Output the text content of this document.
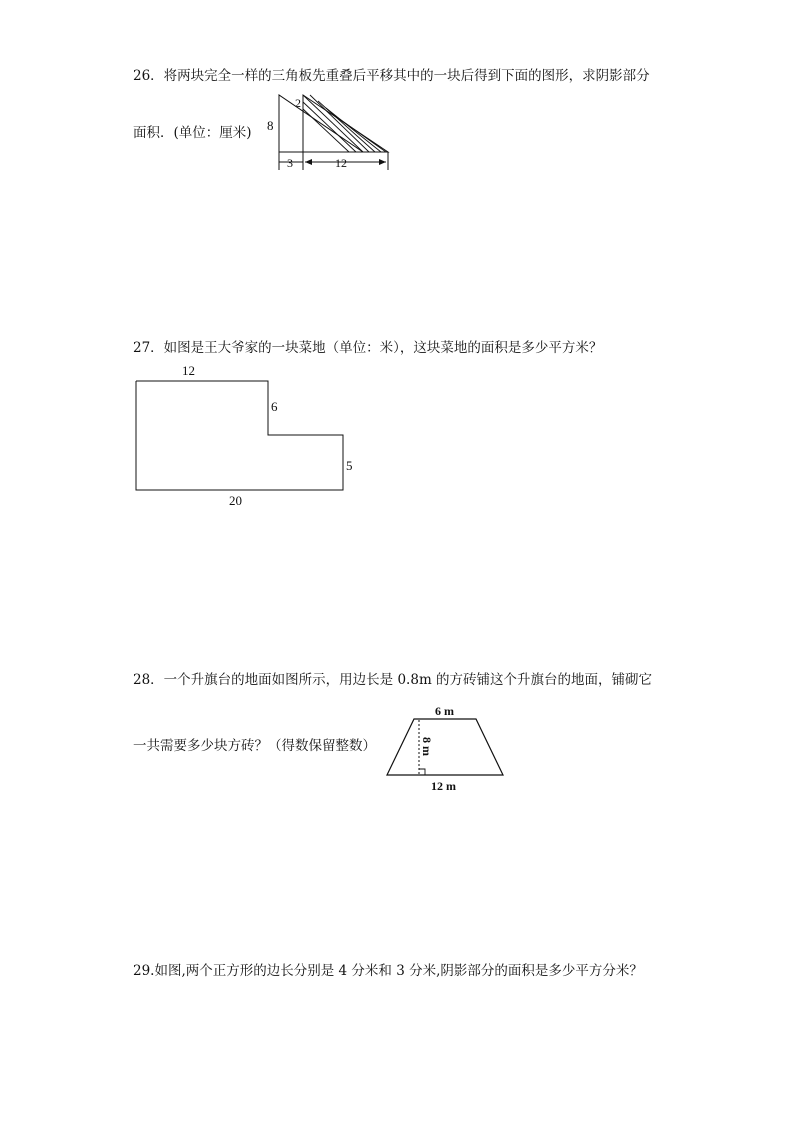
26．将两块完全一样的三角板先重叠后平移其中的一块后得到下面的图形，求阴影部分
面积．(单位：厘米) 8
2
3	12
27．如图是王大爷家的一块菜地（单位：米），这块菜地的面积是多少平方米？
12
6
5
20
28．一个升旗台的地面如图所示，用边长是 0.8m 的方砖铺这个升旗台的地面，铺砌它
一共需要多少块方砖？（得数保留整数）
6 m
8 m
12 m
29.如图,两个正方形的边长分别是 4 分米和 3 分米,阴影部分的面积是多少平方分米？
